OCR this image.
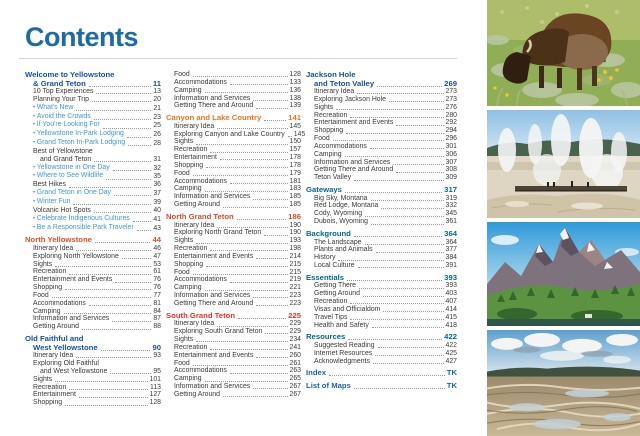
Contents
Welcome to Yellowstone
& Grand Teton	11
10 Top Experiences	13
Planning Your Trip	20
• What's New	21
• Avoid the Crowds	23
• If You're Looking For	25
• Yellowstone In-Park Lodging	26
• Grand Teton In-Park Lodging	28
Best of Yellowstone
and Grand Teton	31
• Yellowstone in One Day	32
• Where to See Wildlife	35
Best Hikes	36
• Grand Teton in One Day	37
• Winter Fun	39
Volcanic Hot Spots	40
• Celebrate Indigenous Cultures	41
• Be a Responsible Park Traveler	43
North Yellowstone	44
Itinerary Idea	46
Exploring North Yellowstone	47
Sights	53
Recreation	61
Entertainment and Events	76
Shopping	76
Food	77
Accommodations	81
Camping	84
Information and Services	87
Getting Around	88
Old Faithful and
West Yellowstone	90
Itinerary Idea	93
Exploring Old Faithful
and West Yellowstone	95
Sights	101
Recreation	113
Entertainment	127
Shopping	128
Food	128
Accommodations	133
Camping	136
Information and Services	138
Getting There and Around	139
Canyon and Lake Country	141
Itinerary Idea	145
Exploring Canyon and Lake Country 145
Sights	150
Recreation	157
Entertainment	178
Shopping	178
Food	179
Accommodations	181
Camping	183
Information and Services	185
Getting Around	185
North Grand Teton	186
Itinerary Idea	190
Exploring North Grand Teton	190
Sights	193
Recreation	198
Entertainment and Events	214
Shopping	215
Food	215
Accommodations	219
Camping	221
Information and Services	223
Getting There and Around	223
South Grand Teton	225
Itinerary Idea	229
Exploring South Grand Teton	229
Sights	234
Recreation	241
Entertainment and Events	260
Food	261
Accommodations	263
Camping	265
Information and Services	267
Getting Around	267
Jackson Hole
and Teton Valley	269
Itinerary Idea	273
Exploring Jackson Hole	273
Sights	276
Recreation	280
Entertainment and Events	292
Shopping	294
Food	296
Accommodations	301
Camping	306
Information and Services	307
Getting There and Around	308
Teton Valley	309
Gateways	317
Big Sky, Montana	319
Red Lodge, Montana	332
Cody, Wyoming	345
Dubois, Wyoming	361
Background	364
The Landscape	364
Plants and Animals	377
History	384
Local Culture	391
Essentials	393
Getting There	393
Getting Around	403
Recreation	407
Visas and Officialdom	414
Travel Tips	415
Health and Safety	418
Resources	422
Suggested Reading	422
Internet Resources	425
Acknowledgments	427
Index	TK
List of Maps	TK
